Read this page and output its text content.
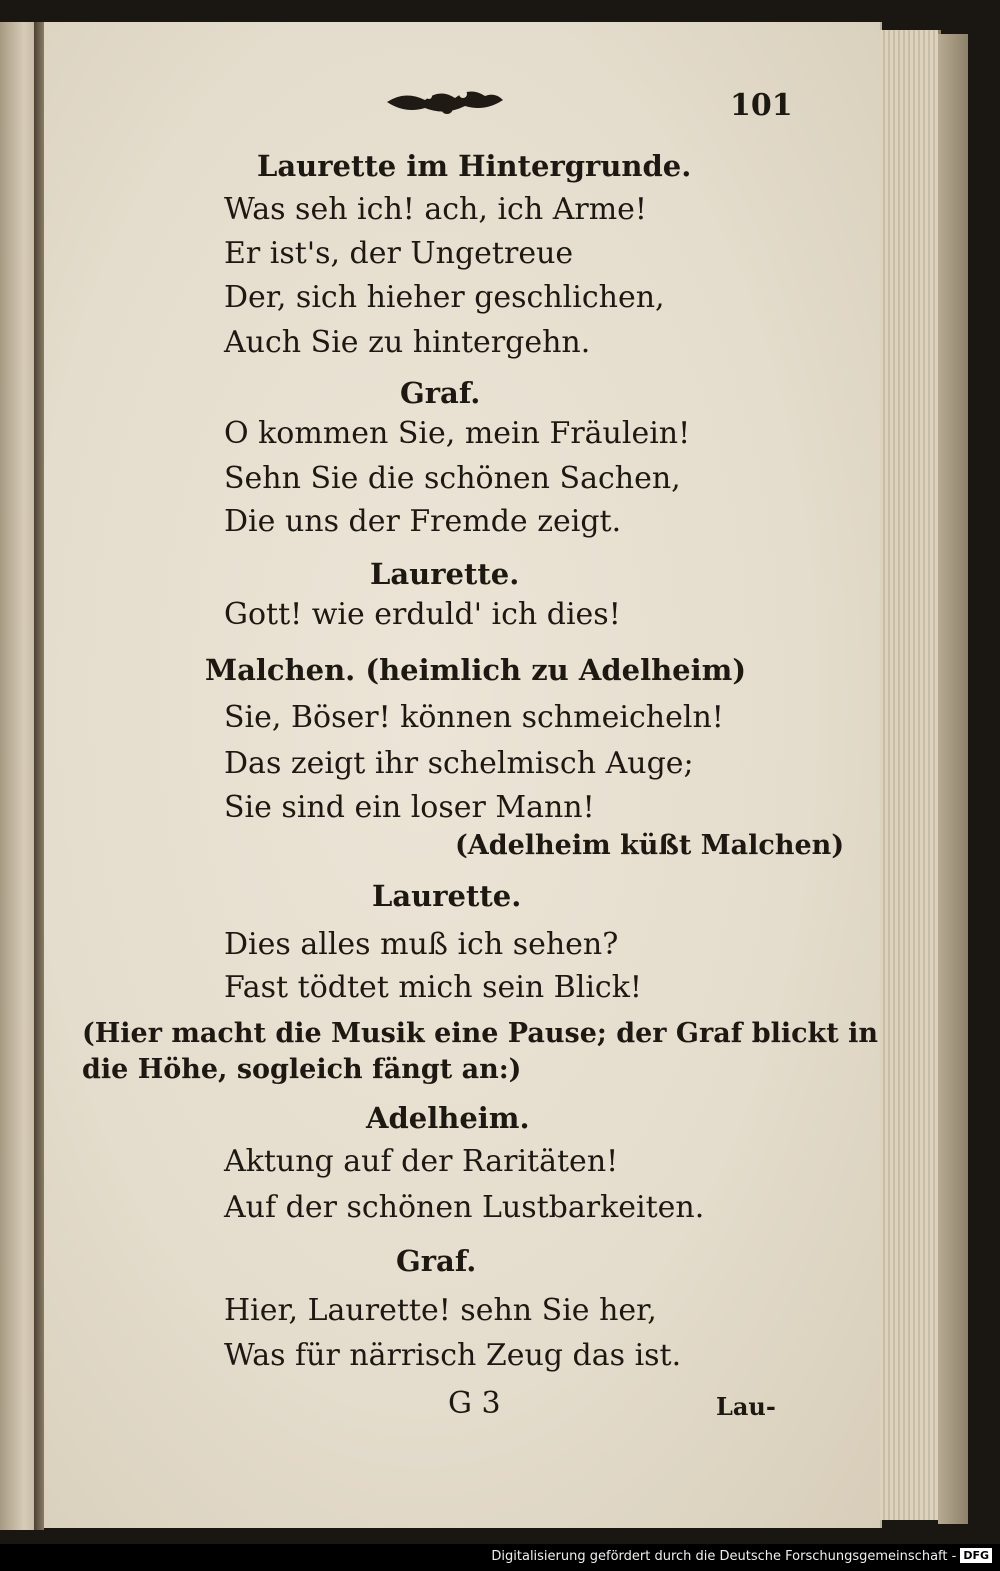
101
Laurette im Hintergrunde.
Was seh ich! ach, ich Arme!
Er ist's, der Ungetreue
Der, sich hieher geschlichen,
Auch Sie zu hintergehn.
Graf.
O kommen Sie, mein Fräulein!
Sehn Sie die schönen Sachen,
Die uns der Fremde zeigt.
Laurette.
Gott! wie erduld' ich dies!
Malchen. (heimlich zu Adelheim)
Sie, Böser! können schmeicheln!
Das zeigt ihr schelmisch Auge;
Sie sind ein loser Mann!
(Adelheim küßt Malchen)
Laurette.
Dies alles muß ich sehen?
Fast tödtet mich sein Blick!
(Hier macht die Musik eine Pause; der Graf blickt in
die Höhe, sogleich fängt an:)
Adelheim.
Aktung auf der Raritäten!
Auf der schönen Lustbarkeiten.
Graf.
Hier, Laurette! sehn Sie her,
Was für närrisch Zeug das ist.
G 3	Lau-
Digitalisierung gefördert durch die Deutsche Forschungsgemeinschaft - DFG
